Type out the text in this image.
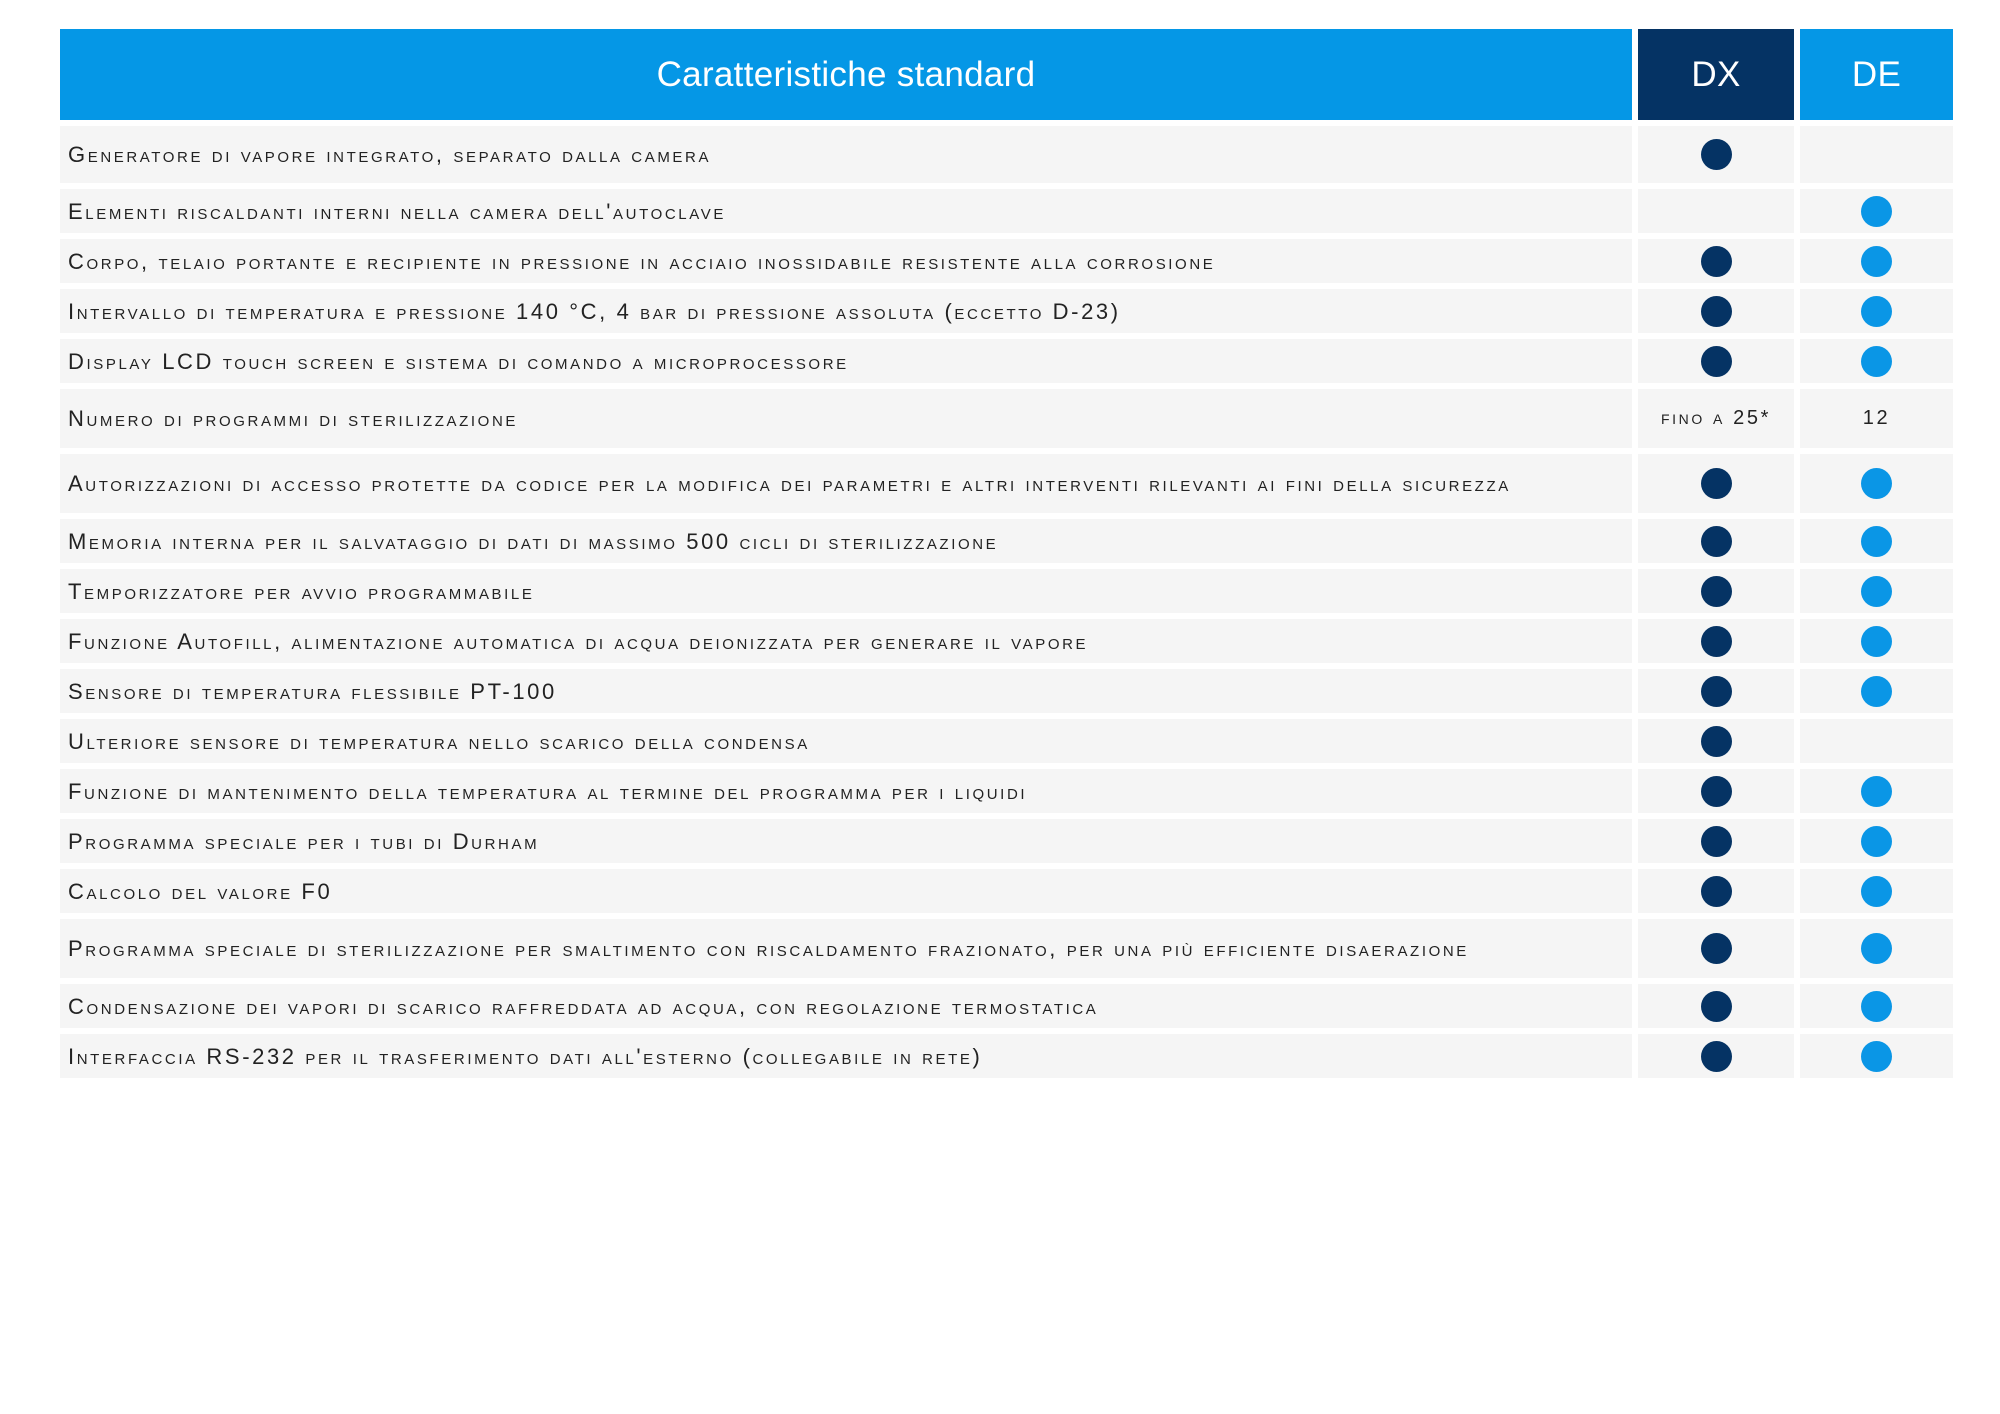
Caratteristiche standard	DX	DE
Generatore di vapore integrato, separato dalla camera
Elementi riscaldanti interni nella camera dell'autoclave
Corpo, telaio portante e recipiente in pressione in acciaio inossidabile resistente alla corrosione
Intervallo di temperatura e pressione 140 °C, 4 bar di pressione assoluta (eccetto D-23)
Display LCD touch screen e sistema di comando a microprocessore
Numero di programmi di sterilizzazione	fino a 25*	12
Autorizzazioni di accesso protette da codice per la modifica dei parametri e altri interventi rilevanti ai fini della sicurezza
Memoria interna per il salvataggio di dati di massimo 500 cicli di sterilizzazione
Temporizzatore per avvio programmabile
Funzione Autofill, alimentazione automatica di acqua deionizzata per generare il vapore
Sensore di temperatura flessibile PT-100
Ulteriore sensore di temperatura nello scarico della condensa
Funzione di mantenimento della temperatura al termine del programma per i liquidi
Programma speciale per i tubi di Durham
Calcolo del valore F0
Programma speciale di sterilizzazione per smaltimento con riscaldamento frazionato, per una più efficiente disaerazione
Condensazione dei vapori di scarico raffreddata ad acqua, con regolazione termostatica
Interfaccia RS-232 per il trasferimento dati all'esterno (collegabile in rete)
